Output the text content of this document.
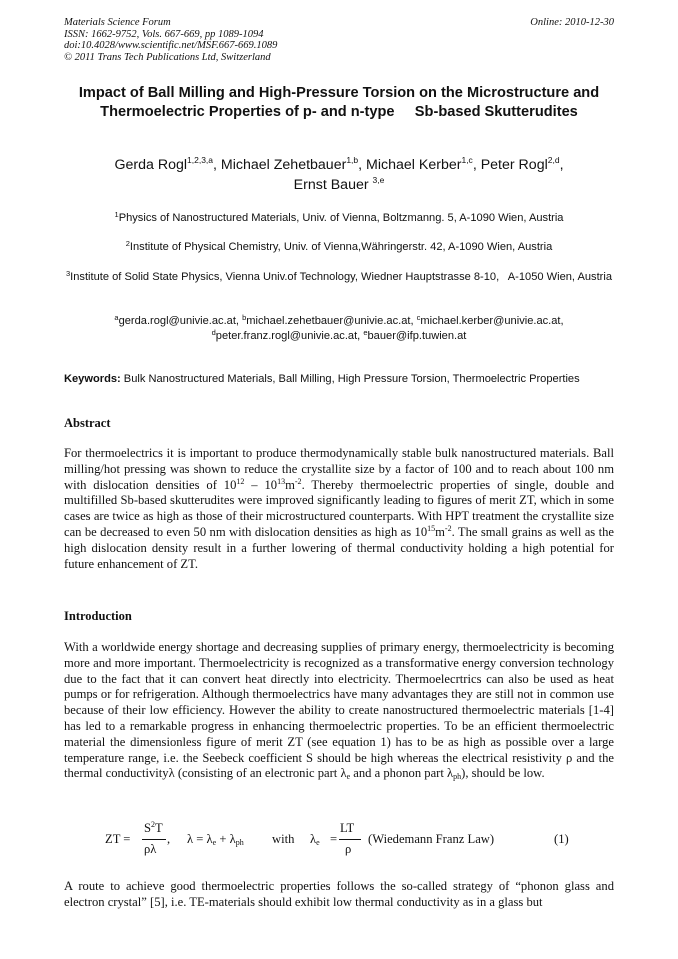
Materials Science Forum
ISSN: 1662-9752, Vols. 667-669, pp 1089-1094
doi:10.4028/www.scientific.net/MSF.667-669.1089
© 2011 Trans Tech Publications Ltd, Switzerland
Online: 2010-12-30
Impact of Ball Milling and High-Pressure Torsion on the Microstructure and Thermoelectric Properties of p- and n-type     Sb-based Skutterudites
Gerda Rogl$^{1,2,3,a}$, Michael Zehetbauer$^{1,b}$, Michael Kerber$^{1,c}$, Peter Rogl$^{2,d}$,
Ernst Bauer $^{3,e}$
$^1$Physics of Nanostructured Materials, Univ. of Vienna, Boltzmanng. 5, A-1090 Wien, Austria
$^2$Institute of Physical Chemistry, Univ. of Vienna,Währingerstr. 42, A-1090 Wien, Austria
$^3$Institute of Solid State Physics, Vienna Univ.of Technology, Wiedner Hauptstrasse 8-10,   A-1050 Wien, Austria
$^a$gerda.rogl@univie.ac.at, $^b$michael.zehetbauer@univie.ac.at, $^c$michael.kerber@univie.ac.at,
$^d$peter.franz.rogl@univie.ac.at, $^e$bauer@ifp.tuwien.at
Keywords: Bulk Nanostructured Materials, Ball Milling, High Pressure Torsion, Thermoelectric Properties
Abstract
For thermoelectrics it is important to produce thermodynamically stable bulk nanostructured materials. Ball milling/hot pressing was shown to reduce the crystallite size by a factor of 100 and to reach about 100 nm with dislocation densities of $10^{12} - 10^{13}m^{-2}$. Thereby thermoelectric properties of single, double and multifilled Sb-based skutterudites were improved significantly leading to figures of merit ZT, which in some cases are twice as high as those of their microstructured counterparts. With HPT treatment the crystallite size can be decreased to even 50 nm with dislocation densities as high as $10^{15}m^{-2}$. The small grains as well as the high dislocation density result in a further lowering of thermal conductivity holding a high potential for future enhancement of ZT.
Introduction
With a worldwide energy shortage and decreasing supplies of primary energy, thermoelectricity is becoming more and more important. Thermoelectricity is recognized as a transformative energy conversion technology due to the fact that it can convert heat directly into electricity. Thermoelecrtrics can also be used as heat pumps or for refrigeration. Although thermoelectrics have many advantages they are still not in common use because of their low efficiency. However the ability to create nanostructured thermoelectric materials [1-4] has led to a remarkable progress in enhancing thermoelectric properties. To be an efficient thermoelectric material the dimensionless figure of merit ZT (see equation 1) has to be as high as possible over a large temperature range, i.e. the Seebeck coefficient S should be high whereas the electrical resistivity ρ and the thermal conductivityλ (consisting of an electronic part $\lambda_e$ and a phonon part $\lambda_{ph}$), should be low.
ZT =
$S^2T$
ρλ
, $\lambda = \lambda_e + \lambda_{ph}$ with $\lambda_e$ =
LT
ρ
(Wiedemann Franz Law)	(1)
A route to achieve good thermoelectric properties follows the so-called strategy of “phonon glass and electron crystal” [5], i.e. TE-materials should exhibit low thermal conductivity as in a glass but
